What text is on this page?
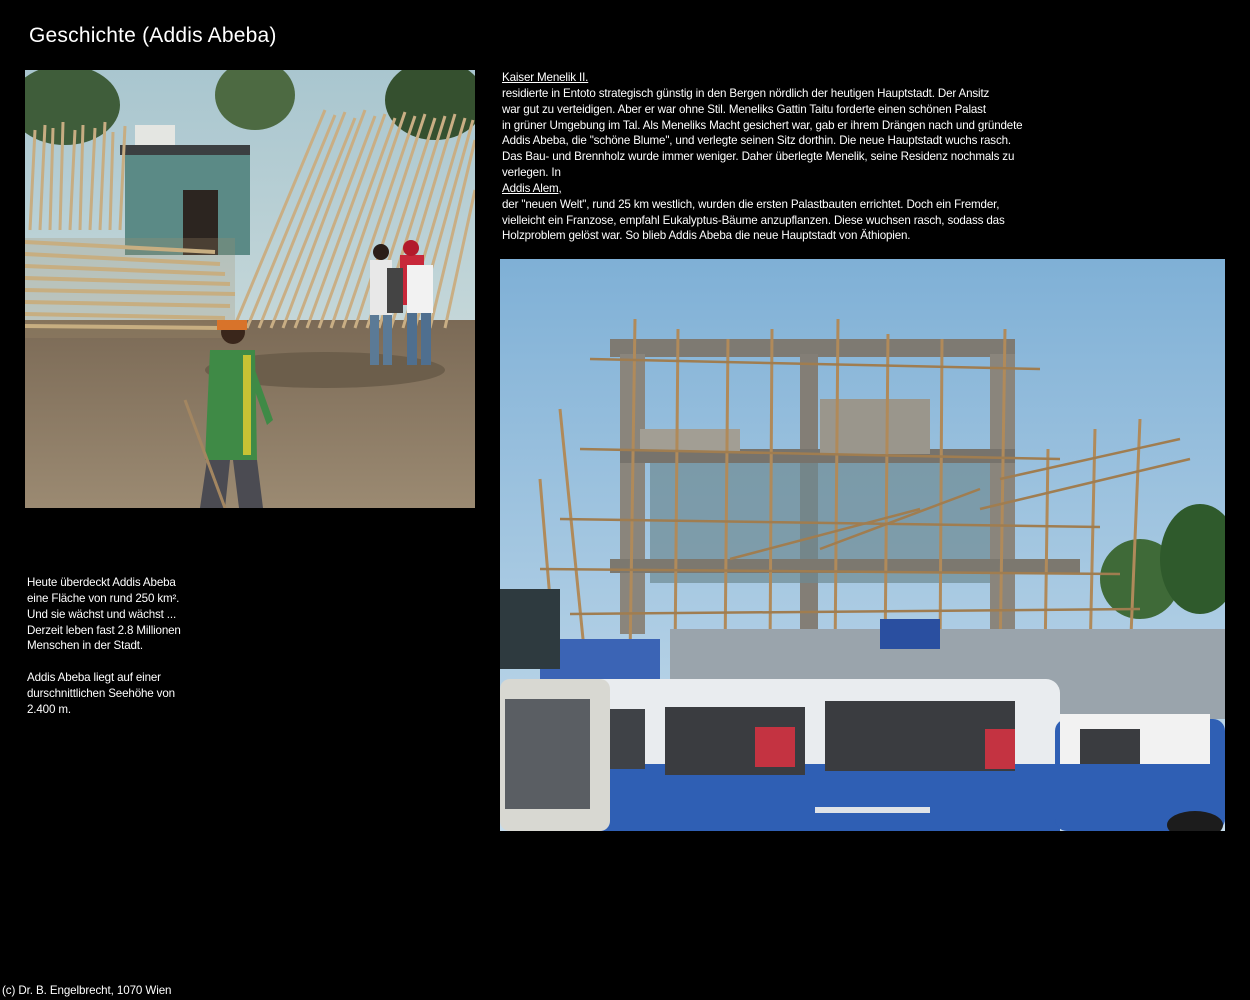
Geschichte (Addis Abeba)
Kaiser Menelik II.
residierte in Entoto strategisch günstig in den Bergen nördlich der heutigen Hauptstadt. Der Ansitz
war gut zu verteidigen. Aber er war ohne Stil. Meneliks Gattin Taitu forderte einen schönen Palast
in grüner Umgebung im Tal. Als Meneliks Macht gesichert war, gab er ihrem Drängen nach und gründete
Addis Abeba, die "schöne Blume", und verlegte seinen Sitz dorthin. Die neue Hauptstadt wuchs rasch.
Das Bau- und Brennholz wurde immer weniger. Daher überlegte Menelik, seine Residenz nochmals zu
verlegen. In
Addis Alem,
der "neuen Welt", rund 25 km westlich, wurden die ersten Palastbauten errichtet. Doch ein Fremder,
vielleicht ein Franzose, empfahl Eukalyptus-Bäume anzupflanzen. Diese wuchsen rasch, sodass das
Holzproblem gelöst war. So blieb Addis Abeba die neue Hauptstadt von Äthiopien.
Heute überdeckt Addis Abeba
eine Fläche von rund 250 km².
Und sie wächst und wächst ...
Derzeit leben fast 2.8 Millionen
Menschen in der Stadt.
Addis Abeba liegt auf einer
durschnittlichen Seehöhe von
2.400 m.
(c) Dr. B. Engelbrecht, 1070 Wien
